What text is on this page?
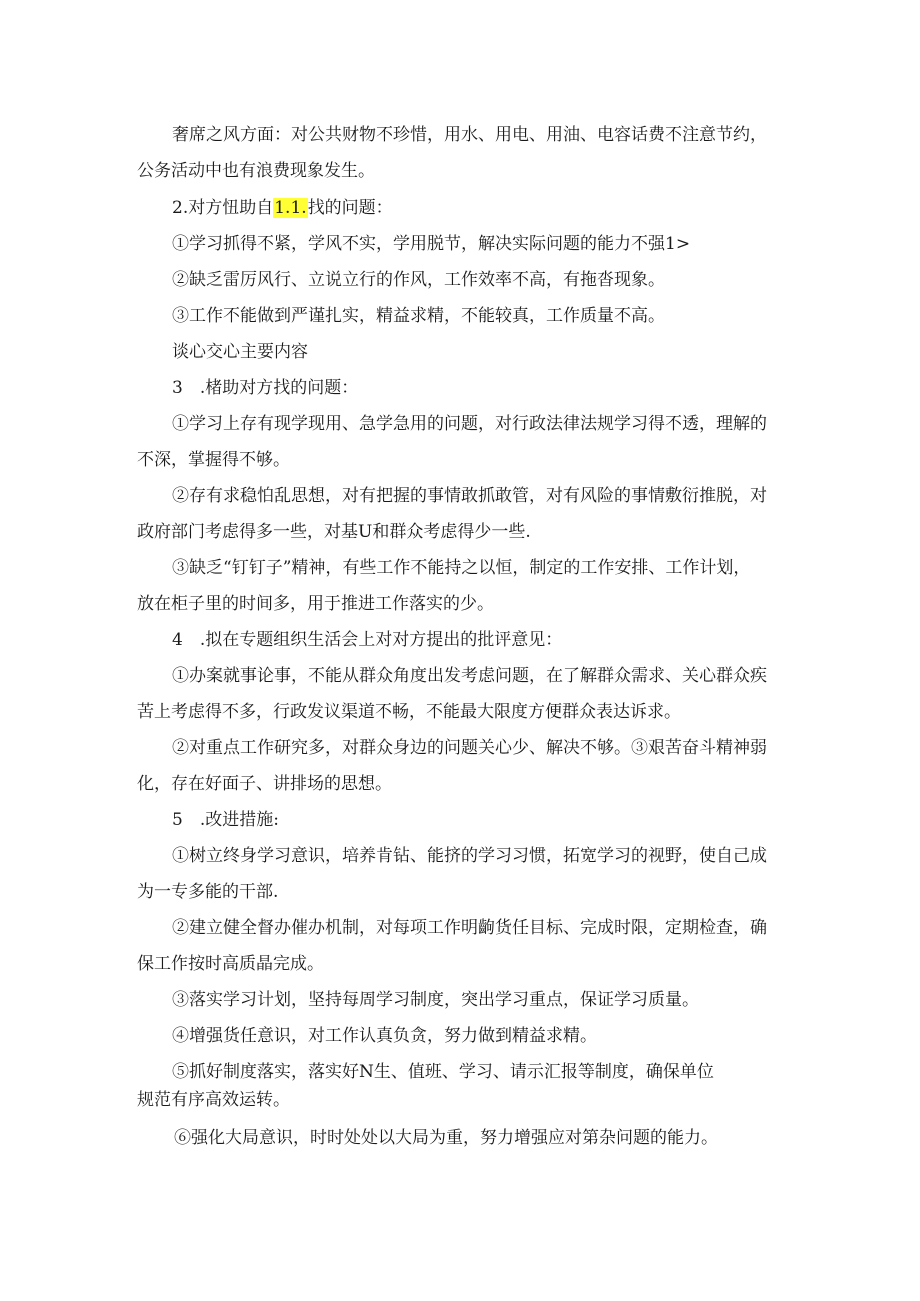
奢席之风方面：对公共财物不珍惜，用水、用电、用油、电容话费不注意节约，

公务活动中也有浪费现象发生。

2.对方忸助自1.1.找的问题：

①学习抓得不紧，学风不实，学用脱节，解决实际问题的能力不强1>

②缺乏雷厉风行、立说立行的作风，工作效率不高，有拖沓现象。

③工作不能做到严谨扎实，精益求精，不能较真，工作质量不高。

谈心交心主要内容

3　.楮助对方找的问题：

①学习上存有现学现用、急学急用的问题，对行政法律法规学习得不透，理解的

不深，掌握得不够。

②存有求稳怕乱思想，对有把握的事情敢抓敢管，对有风险的事情敷衍推脱，对

政府部门考虑得多一些，对基U和群众考虑得少一些.

③缺乏“钉钉子”精神，有些工作不能持之以恒，制定的工作安排、工作计划，

放在柜子里的时间多，用于推进工作落实的少。

4　.拟在专题组织生活会上对对方提出的批评意见：

①办案就事论事，不能从群众角度出发考虑问题，在了解群众需求、关心群众疾

苦上考虑得不多，行政发议渠道不畅，不能最大限度方便群众表达诉求。

②对重点工作研究多，对群众身边的问题关心少、解决不够。③艰苦奋斗精神弱

化，存在好面子、讲排场的思想。

5　.改进措施:

①树立终身学习意识，培养肯钻、能挤的学习习惯，拓宽学习的视野，使自己成

为一专多能的干部.

②建立健全督办催办机制，对每项工作明齣货任目标、完成时限，定期检查，确

保工作按时高质晶完成。

③落实学习计划，坚持每周学习制度，突出学习重点，保证学习质量。

④增强货任意识，对工作认真负贪，努力做到精益求精。

⑤抓好制度落实，落实好N生、值班、学习、请示汇报等制度，确保单位

规范有序高效运转。

⑥强化大局意识，时时处处以大局为重，努力增强应对第杂问题的能力。
